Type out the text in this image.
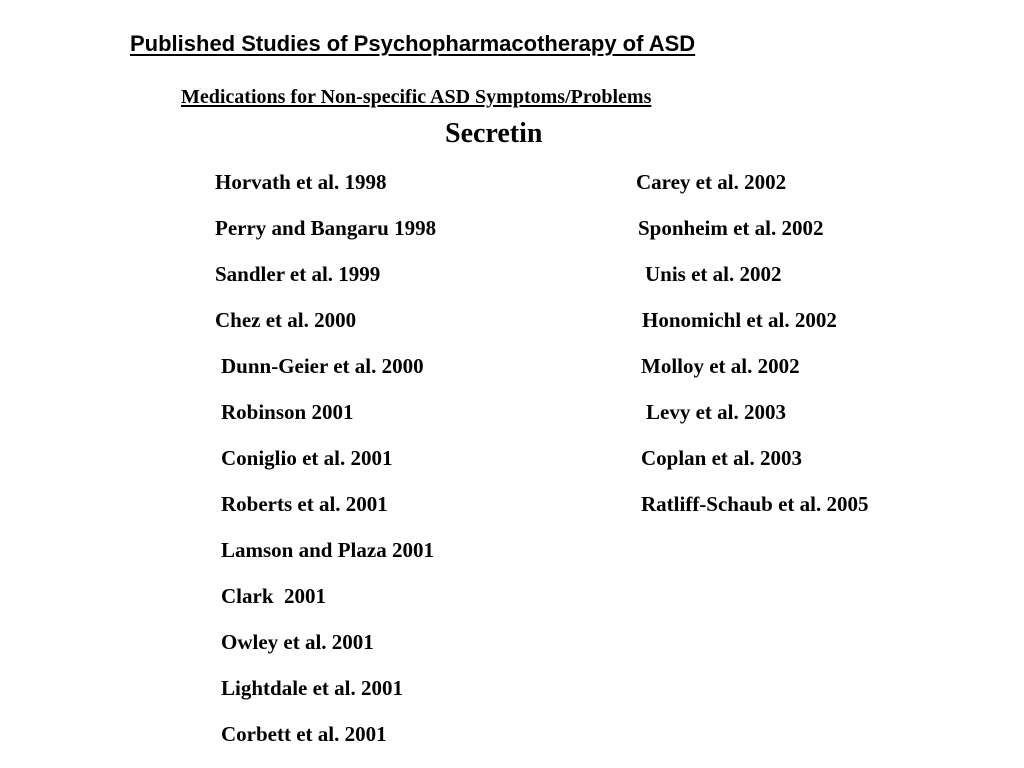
Published Studies of Psychopharmacotherapy of ASD
Medications for Non-specific ASD Symptoms/Problems
Secretin
Horvath et al. 1998
Perry and Bangaru 1998
Sandler et al. 1999
Chez et al. 2000
Dunn-Geier et al. 2000
Robinson 2001
Coniglio et al. 2001
Roberts et al. 2001
Lamson and Plaza 2001
Clark  2001
Owley et al. 2001
Lightdale et al. 2001
Corbett et al. 2001
Carey et al. 2002
Sponheim et al. 2002
Unis et al. 2002
Honomichl et al. 2002
Molloy et al. 2002
Levy et al. 2003
Coplan et al. 2003
Ratliff-Schaub et al. 2005
